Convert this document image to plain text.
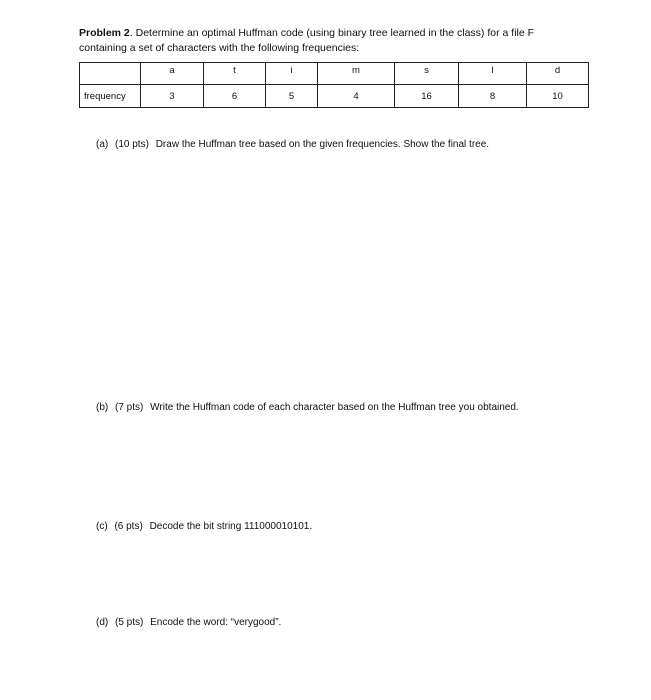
Problem 2. Determine an optimal Huffman code (using binary tree learned in the class) for a file F
containing a set of characters with the following frequencies:
	a	t	i	m	s	l	d
frequency	3	6	5	4	16	8	10
(a) (10 pts) Draw the Huffman tree based on the given frequencies. Show the final tree.
(b) (7 pts) Write the Huffman code of each character based on the Huffman tree you obtained.
(c) (6 pts) Decode the bit string 111000010101.
(d) (5 pts) Encode the word: “verygood”.
